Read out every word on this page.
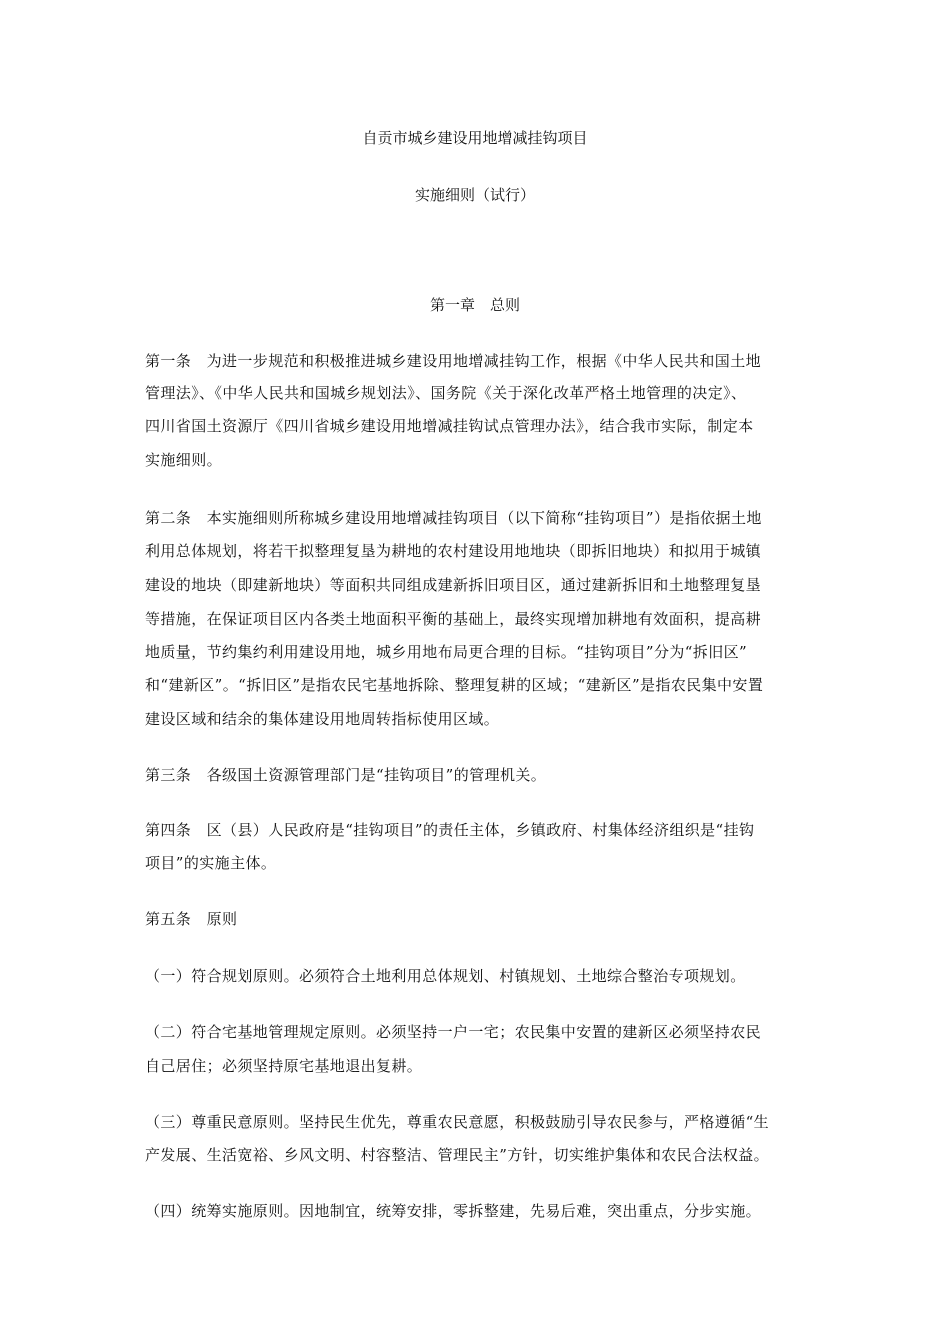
自贡市城乡建设用地增减挂钩项目
实施细则（试行）
第一章　总则
第一条　为进一步规范和积极推进城乡建设用地增减挂钩工作，根据《中华人民共和国土地
管理法》、《中华人民共和国城乡规划法》、国务院《关于深化改革严格土地管理的决定》、
四川省国土资源厅《四川省城乡建设用地增减挂钩试点管理办法》，结合我市实际，制定本
实施细则。
第二条　本实施细则所称城乡建设用地增减挂钩项目（以下简称“挂钩项目”）是指依据土地
利用总体规划，将若干拟整理复垦为耕地的农村建设用地地块（即拆旧地块）和拟用于城镇
建设的地块（即建新地块）等面积共同组成建新拆旧项目区，通过建新拆旧和土地整理复垦
等措施，在保证项目区内各类土地面积平衡的基础上，最终实现增加耕地有效面积，提高耕
地质量，节约集约利用建设用地，城乡用地布局更合理的目标。“挂钩项目”分为“拆旧区”
和“建新区”。“拆旧区”是指农民宅基地拆除、整理复耕的区域；“建新区”是指农民集中安置
建设区域和结余的集体建设用地周转指标使用区域。
第三条　各级国土资源管理部门是“挂钩项目”的管理机关。
第四条　区（县）人民政府是“挂钩项目”的责任主体，乡镇政府、村集体经济组织是“挂钩
项目”的实施主体。
第五条　原则
（一）符合规划原则。必须符合土地利用总体规划、村镇规划、土地综合整治专项规划。
（二）符合宅基地管理规定原则。必须坚持一户一宅；农民集中安置的建新区必须坚持农民
自己居住；必须坚持原宅基地退出复耕。
（三）尊重民意原则。坚持民生优先，尊重农民意愿，积极鼓励引导农民参与，严格遵循“生
产发展、生活宽裕、乡风文明、村容整洁、管理民主”方针，切实维护集体和农民合法权益。
（四）统筹实施原则。因地制宜，统筹安排，零拆整建，先易后难，突出重点，分步实施。
